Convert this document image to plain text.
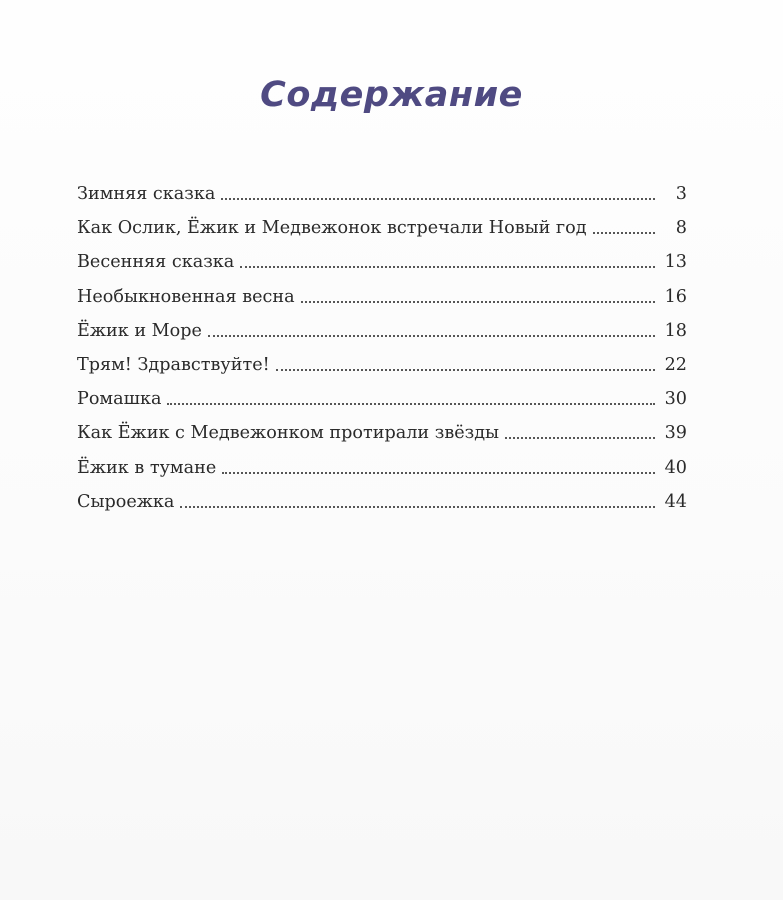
Содержание
Зимняя сказка	3
Как Ослик, Ёжик и Медвежонок встречали Новый год	8
Весенняя сказка	13
Необыкновенная весна	16
Ёжик и Море	18
Трям! Здравствуйте!	22
Ромашка	30
Как Ёжик с Медвежонком протирали звёзды	39
Ёжик в тумане	40
Сыроежка	44
